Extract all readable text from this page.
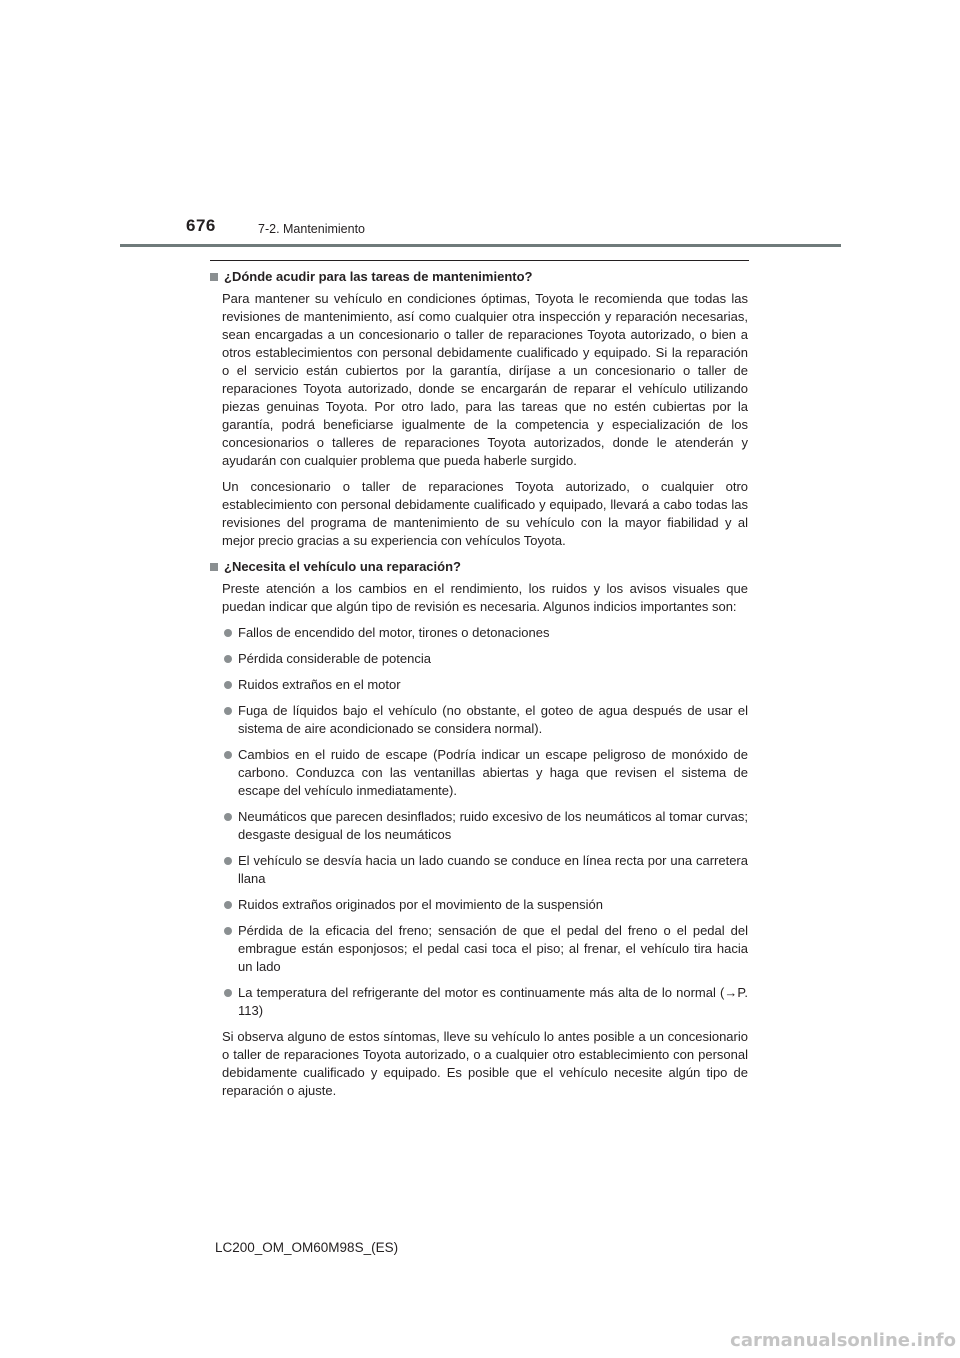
676	7-2. Mantenimiento
¿Dónde acudir para las tareas de mantenimiento?

Para mantener su vehículo en condiciones óptimas, Toyota le recomienda que todas las revisiones de mantenimiento, así como cualquier otra inspección y reparación necesarias, sean encargadas a un concesionario o taller de reparaciones Toyota autorizado, o bien a otros establecimientos con personal debidamente cualificado y equipado. Si la reparación o el servicio están cubiertos por la garantía, diríjase a un concesionario o taller de reparaciones Toyota autorizado, donde se encargarán de reparar el vehículo utilizando piezas genuinas Toyota. Por otro lado, para las tareas que no estén cubiertas por la garantía, podrá beneficiarse igualmente de la competencia y especialización de los concesionarios o talleres de reparaciones Toyota autorizados, donde le atenderán y ayudarán con cualquier problema que pueda haberle surgido.

Un concesionario o taller de reparaciones Toyota autorizado, o cualquier otro establecimiento con personal debidamente cualificado y equipado, llevará a cabo todas las revisiones del programa de mantenimiento de su vehículo con la mayor fiabilidad y al mejor precio gracias a su experiencia con vehículos Toyota.

¿Necesita el vehículo una reparación?

Preste atención a los cambios en el rendimiento, los ruidos y los avisos visuales que puedan indicar que algún tipo de revisión es necesaria. Algunos indicios importantes son:

Fallos de encendido del motor, tirones o detonaciones
Pérdida considerable de potencia
Ruidos extraños en el motor
Fuga de líquidos bajo el vehículo (no obstante, el goteo de agua después de usar el sistema de aire acondicionado se considera normal).
Cambios en el ruido de escape (Podría indicar un escape peligroso de monóxido de carbono. Conduzca con las ventanillas abiertas y haga que revisen el sistema de escape del vehículo inmediatamente).
Neumáticos que parecen desinflados; ruido excesivo de los neumáticos al tomar curvas; desgaste desigual de los neumáticos
El vehículo se desvía hacia un lado cuando se conduce en línea recta por una carretera llana
Ruidos extraños originados por el movimiento de la suspensión
Pérdida de la eficacia del freno; sensación de que el pedal del freno o el pedal del embrague están esponjosos; el pedal casi toca el piso; al frenar, el vehículo tira hacia un lado
La temperatura del refrigerante del motor es continuamente más alta de lo normal (→P. 113)

Si observa alguno de estos síntomas, lleve su vehículo lo antes posible a un concesionario o taller de reparaciones Toyota autorizado, o a cualquier otro establecimiento con personal debidamente cualificado y equipado. Es posible que el vehículo necesite algún tipo de reparación o ajuste.

LC200_OM_OM60M98S_(ES)
carmanualsonline.info
